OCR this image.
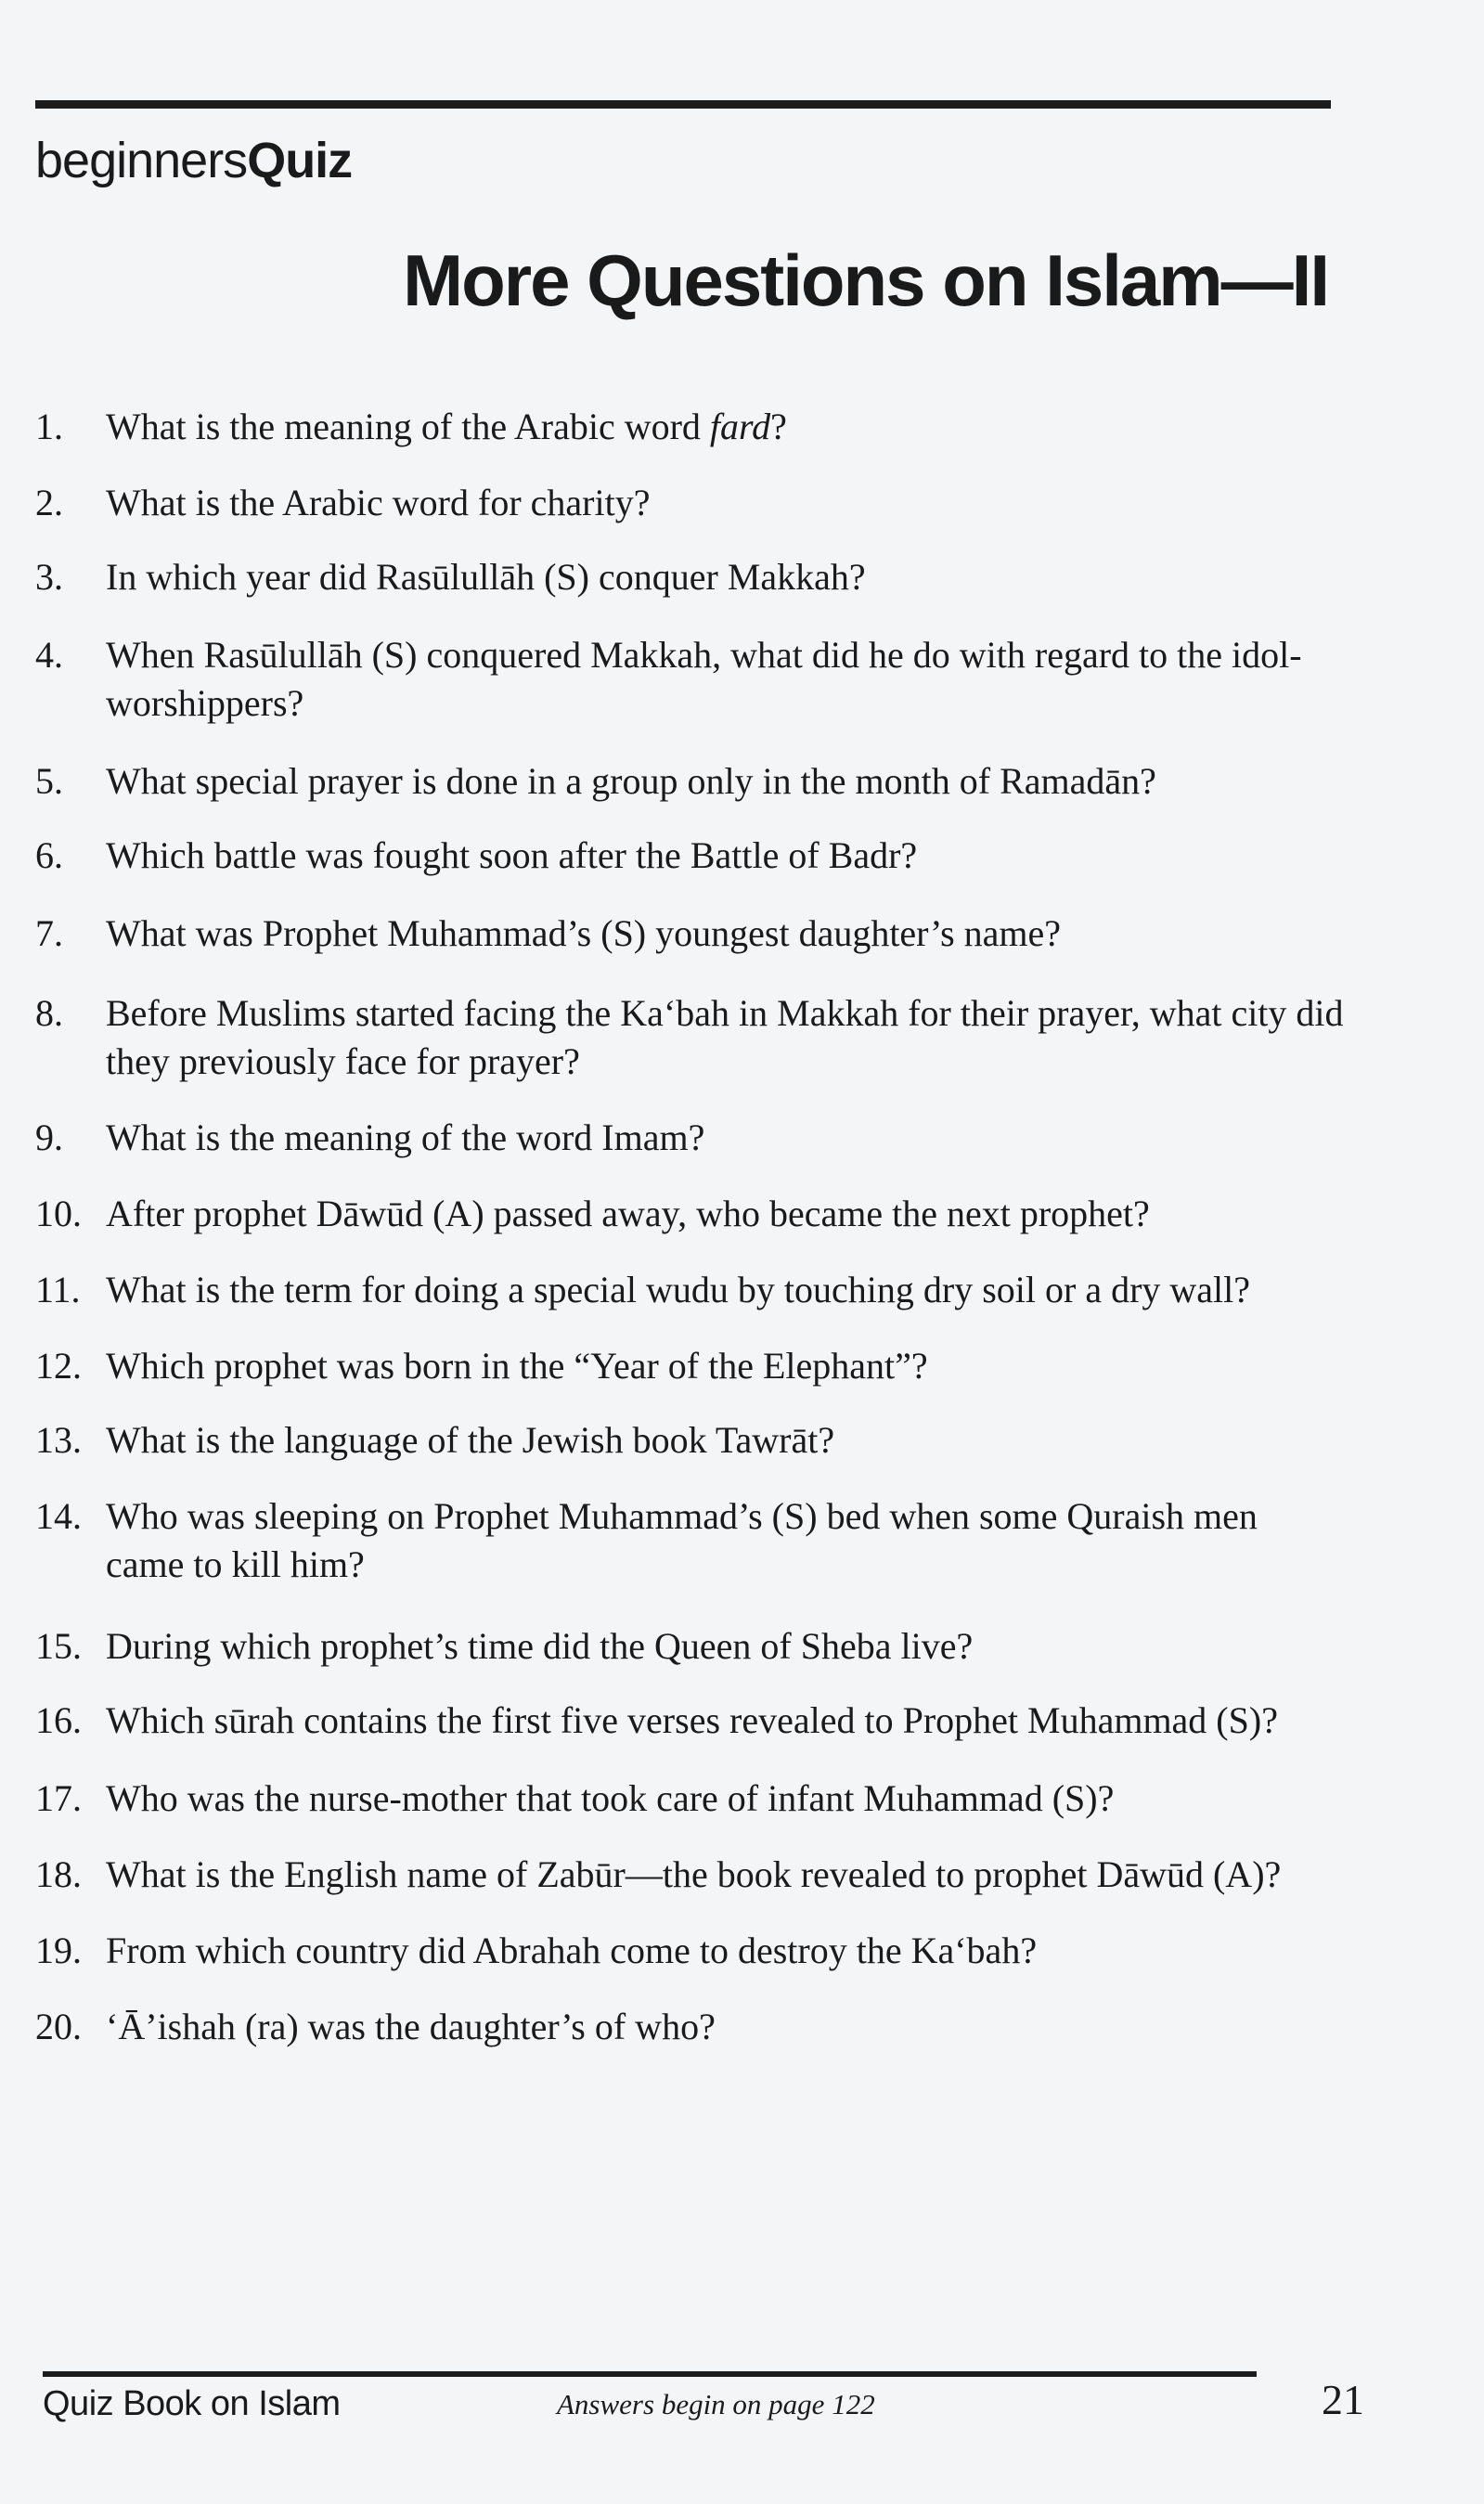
beginnersQuiz
More Questions on Islam—II
1. What is the meaning of the Arabic word fard?
2. What is the Arabic word for charity?
3. In which year did Rasūlullāh (S) conquer Makkah?
4. When Rasūlullāh (S) conquered Makkah, what did he do with regard to the idol-worshippers?
5. What special prayer is done in a group only in the month of Ramadān?
6. Which battle was fought soon after the Battle of Badr?
7. What was Prophet Muhammad’s (S) youngest daughter’s name?
8. Before Muslims started facing the Ka‘bah in Makkah for their prayer, what city did they previously face for prayer?
9. What is the meaning of the word Imam?
10. After prophet Dāwūd (A) passed away, who became the next prophet?
11. What is the term for doing a special wudu by touching dry soil or a dry wall?
12. Which prophet was born in the “Year of the Elephant”?
13. What is the language of the Jewish book Tawrāt?
14. Who was sleeping on Prophet Muhammad’s (S) bed when some Quraish men came to kill him?
15. During which prophet’s time did the Queen of Sheba live?
16. Which sūrah contains the first five verses revealed to Prophet Muhammad (S)?
17. Who was the nurse-mother that took care of infant Muhammad (S)?
18. What is the English name of Zabūr—the book revealed to prophet Dāwūd (A)?
19. From which country did Abrahah come to destroy the Ka‘bah?
20. ‘Ā’ishah (ra) was the daughter’s of who?
Quiz Book on Islam	Answers begin on page 122	21
